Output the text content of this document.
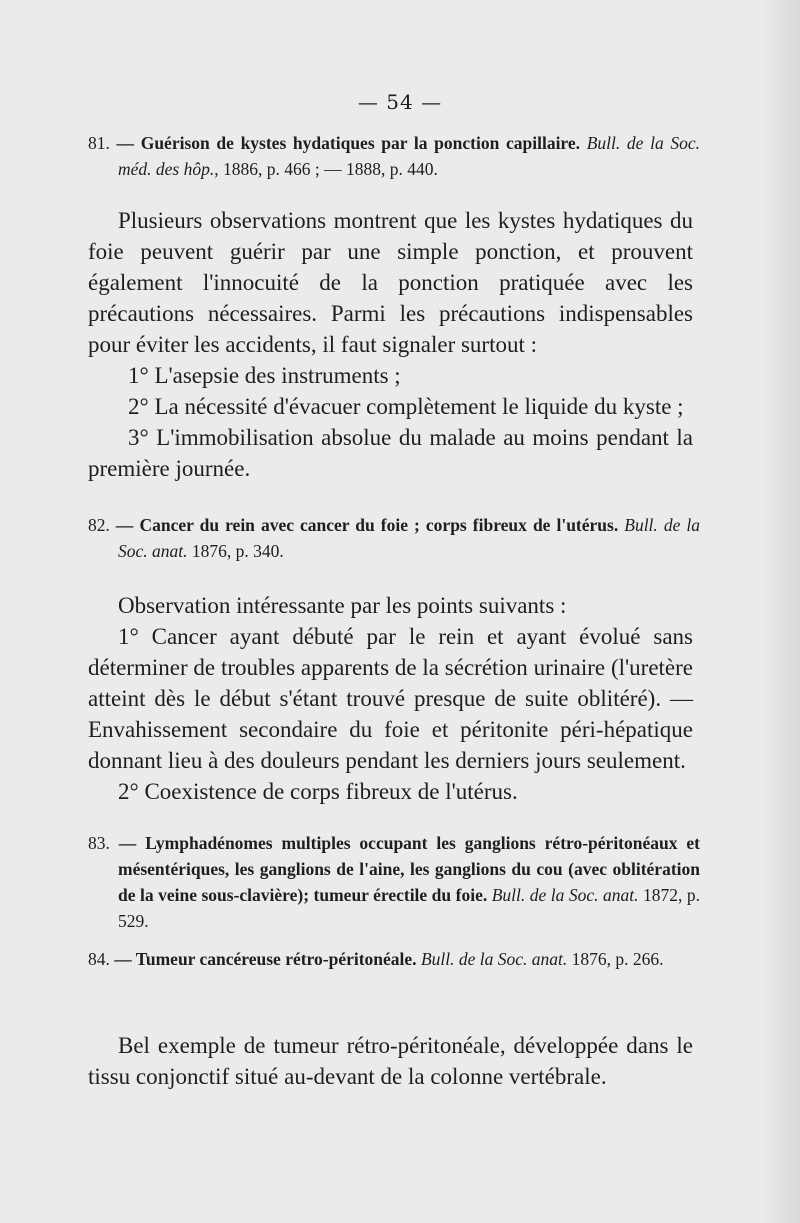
— 54 —
81. — Guérison de kystes hydatiques par la ponction capillaire. Bull. de la Soc. méd. des hôp., 1886, p. 466 ; — 1888, p. 440.

Plusieurs observations montrent que les kystes hydatiques du foie peuvent guérir par une simple ponction, et prouvent également l'innocuité de la ponction pratiquée avec les précautions nécessaires. Parmi les précautions indispensables pour éviter les accidents, il faut signaler surtout :

1° L'asepsie des instruments ;

2° La nécessité d'évacuer complètement le liquide du kyste ;

3° L'immobilisation absolue du malade au moins pendant la première journée.

82. — Cancer du rein avec cancer du foie ; corps fibreux de l'utérus. Bull. de la Soc. anat. 1876, p. 340.

Observation intéressante par les points suivants :

1° Cancer ayant débuté par le rein et ayant évolué sans déterminer de troubles apparents de la sécrétion urinaire (l'uretère atteint dès le début s'étant trouvé presque de suite oblitéré). — Envahissement secondaire du foie et péritonite péri-hépatique donnant lieu à des douleurs pendant les derniers jours seulement.

2° Coexistence de corps fibreux de l'utérus.

83. — Lymphadénomes multiples occupant les ganglions rétro-péritonéaux et mésentériques, les ganglions de l'aine, les ganglions du cou (avec oblitération de la veine sous-clavière); tumeur érectile du foie. Bull. de la Soc. anat. 1872, p. 529.
84. — Tumeur cancéreuse rétro-péritonéale. Bull. de la Soc. anat. 1876, p. 266.

Bel exemple de tumeur rétro-péritonéale, développée dans le tissu conjonctif situé au-devant de la colonne vertébrale.
